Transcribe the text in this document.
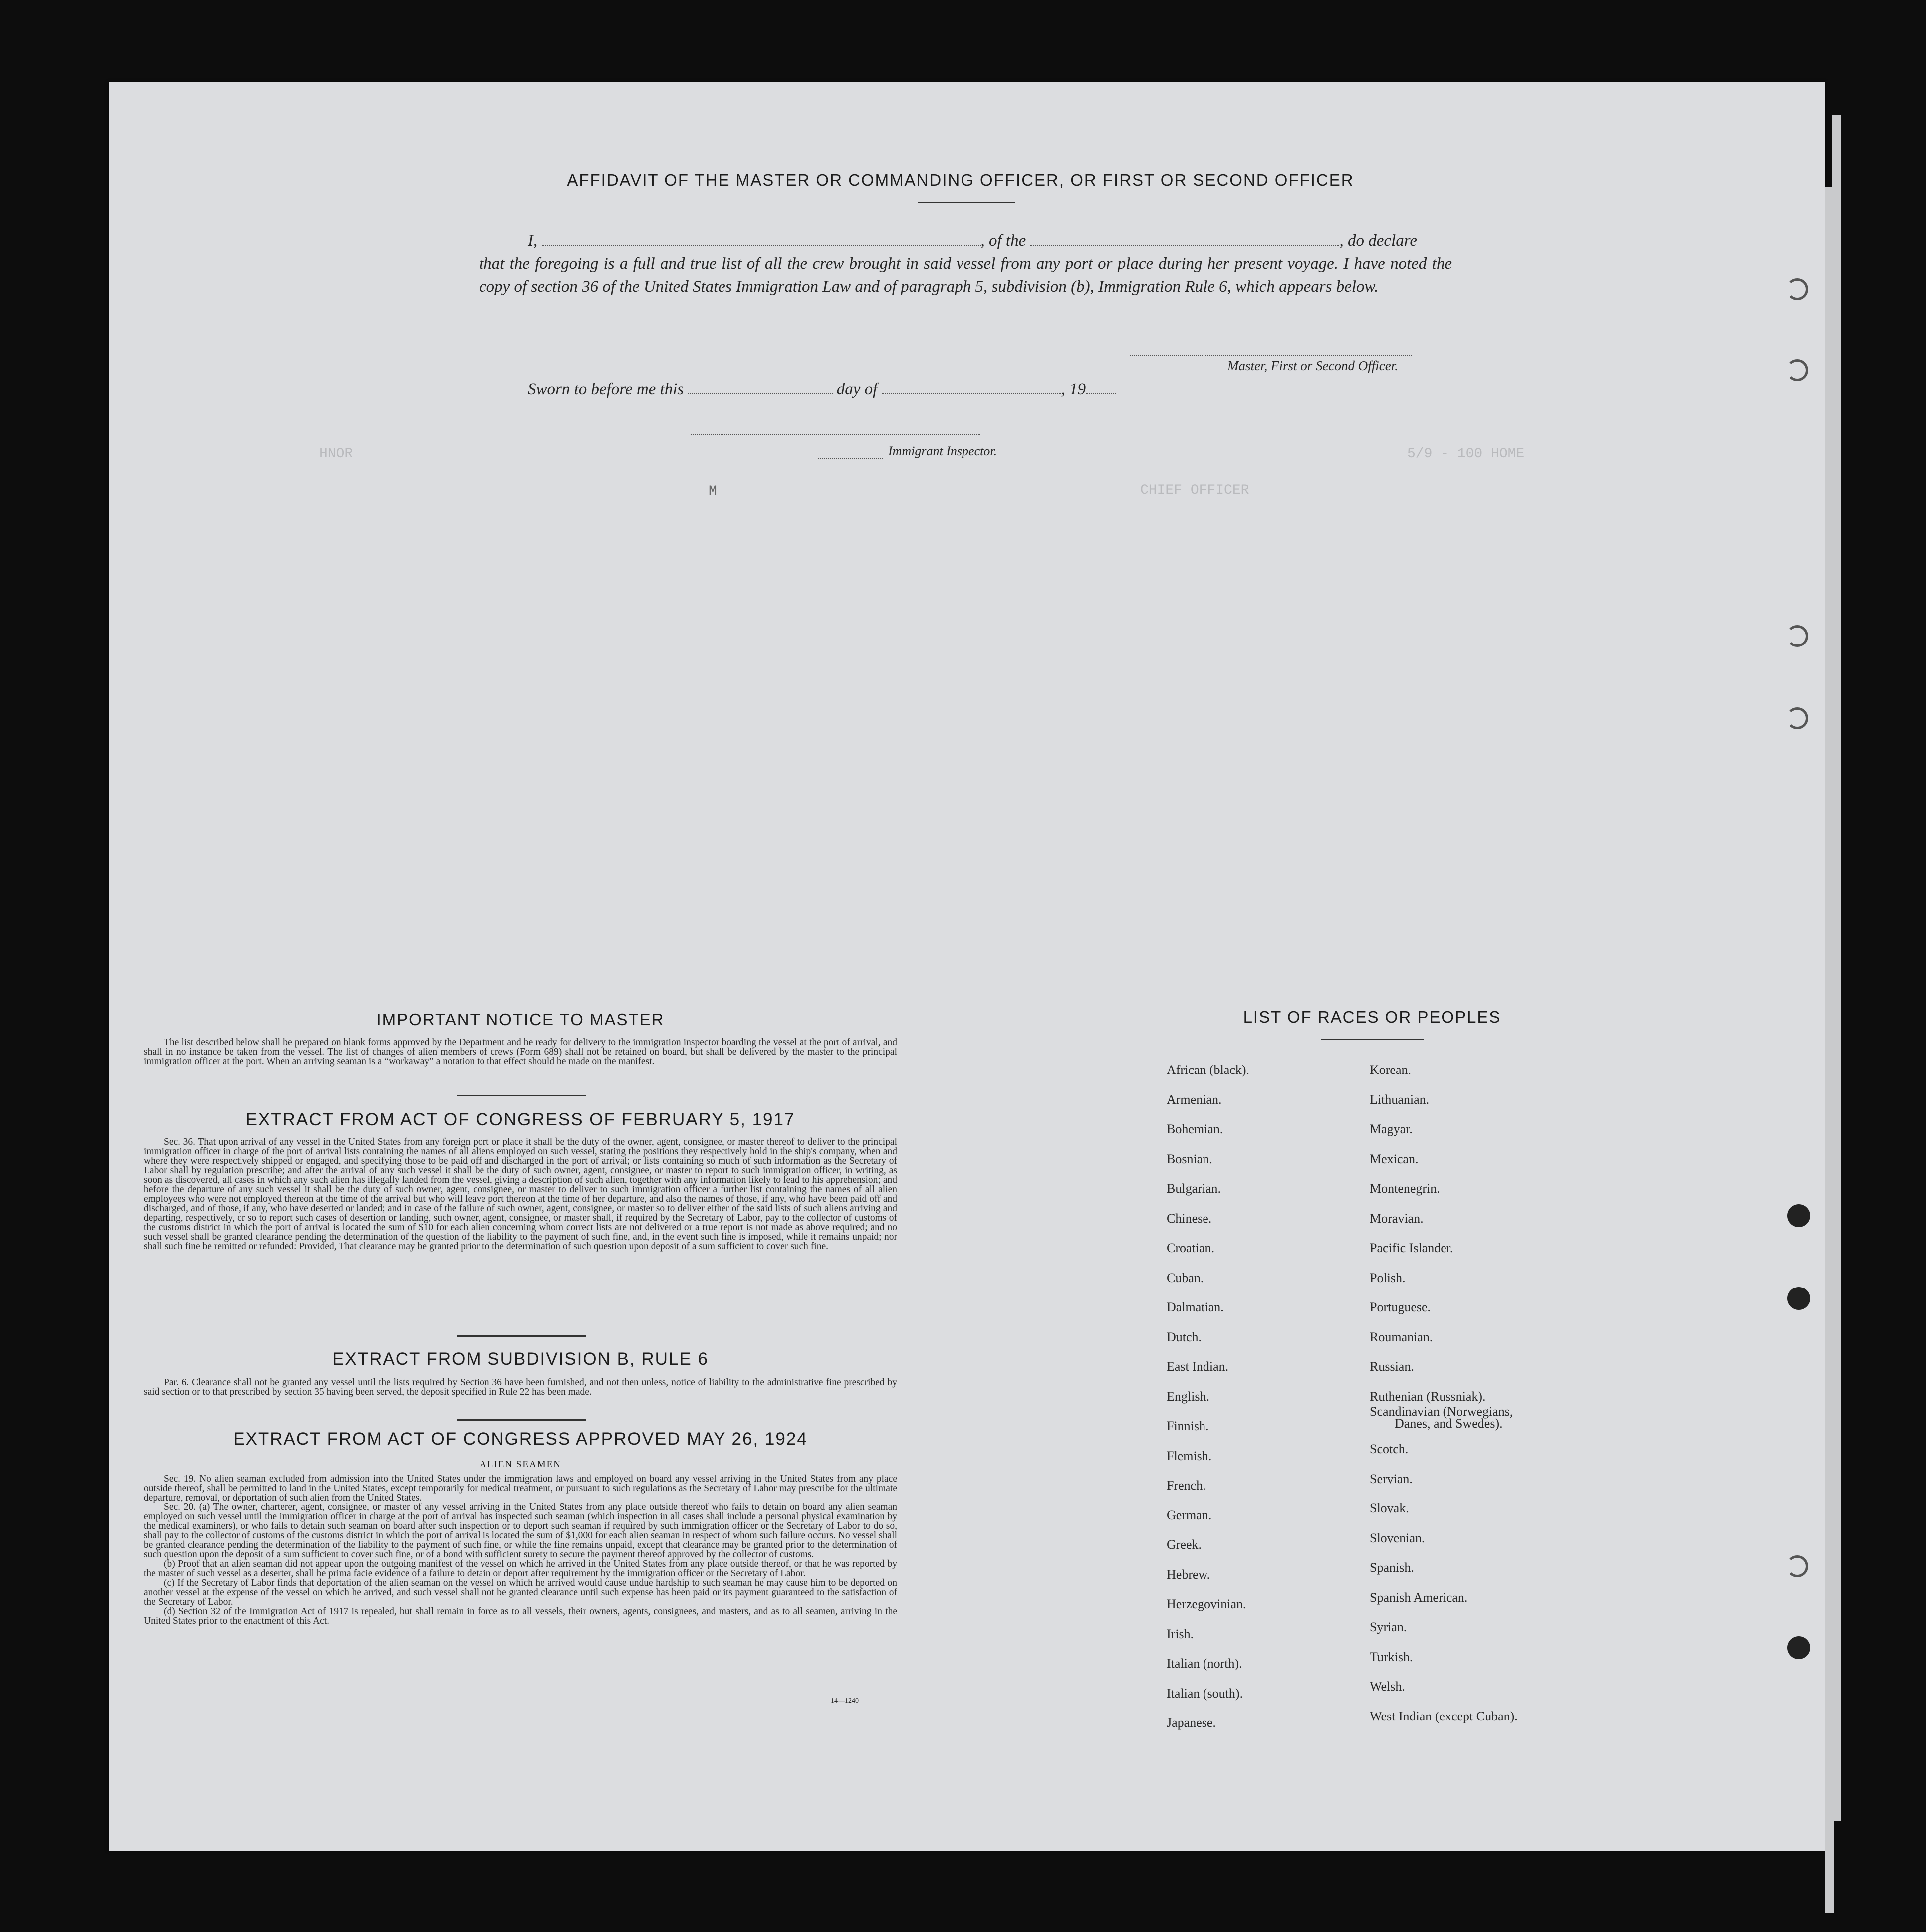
AFFIDAVIT OF THE MASTER OR COMMANDING OFFICER, OR FIRST OR SECOND OFFICER
I,	, of the	, do declare
that the foregoing is a full and true list of all the crew brought in said vessel from any port or place during her present voyage. I have noted the copy of section 36 of the United States Immigration Law and of paragraph 5, subdivision (b), Immigration Rule 6, which appears below.
Master, First or Second Officer.
Sworn to before me this	day of	, 19
Immigrant Inspector.
HNOR	5/9 - 100 HOME
CHIEF OFFICER
M
IMPORTANT NOTICE TO MASTER

The list described below shall be prepared on blank forms approved by the Department and be ready for delivery to the immigration inspector boarding the vessel at the port of arrival, and shall in no instance be taken from the vessel. The list of changes of alien members of crews (Form 689) shall not be retained on board, but shall be delivered by the master to the principal immigration officer at the port. When an arriving seaman is a “workaway” a notation to that effect should be made on the manifest.

EXTRACT FROM ACT OF CONGRESS OF FEBRUARY 5, 1917

Sec. 36. That upon arrival of any vessel in the United States from any foreign port or place it shall be the duty of the owner, agent, consignee, or master thereof to deliver to the principal immigration officer in charge of the port of arrival lists containing the names of all aliens employed on such vessel, stating the positions they respectively hold in the ship's company, when and where they were respectively shipped or engaged, and specifying those to be paid off and discharged in the port of arrival; or lists containing so much of such information as the Secretary of Labor shall by regulation prescribe; and after the arrival of any such vessel it shall be the duty of such owner, agent, consignee, or master to report to such immigration officer, in writing, as soon as discovered, all cases in which any such alien has illegally landed from the vessel, giving a description of such alien, together with any information likely to lead to his apprehension; and before the departure of any such vessel it shall be the duty of such owner, agent, consignee, or master to deliver to such immigration officer a further list containing the names of all alien employees who were not employed thereon at the time of the arrival but who will leave port thereon at the time of her departure, and also the names of those, if any, who have been paid off and discharged, and of those, if any, who have deserted or landed; and in case of the failure of such owner, agent, consignee, or master so to deliver either of the said lists of such aliens arriving and departing, respectively, or so to report such cases of desertion or landing, such owner, agent, consignee, or master shall, if required by the Secretary of Labor, pay to the collector of customs of the customs district in which the port of arrival is located the sum of $10 for each alien concerning whom correct lists are not delivered or a true report is not made as above required; and no such vessel shall be granted clearance pending the determination of the question of the liability to the payment of such fine, and, in the event such fine is imposed, while it remains unpaid; nor shall such fine be remitted or refunded: Provided, That clearance may be granted prior to the determination of such question upon deposit of a sum sufficient to cover such fine.

EXTRACT FROM SUBDIVISION B, RULE 6

Par. 6. Clearance shall not be granted any vessel until the lists required by Section 36 have been furnished, and not then unless, notice of liability to the administrative fine prescribed by said section or to that prescribed by section 35 having been served, the deposit specified in Rule 22 has been made.

EXTRACT FROM ACT OF CONGRESS APPROVED MAY 26, 1924
ALIEN SEAMEN

Sec. 19. No alien seaman excluded from admission into the United States under the immigration laws and employed on board any vessel arriving in the United States from any place outside thereof, shall be permitted to land in the United States, except temporarily for medical treatment, or pursuant to such regulations as the Secretary of Labor may prescribe for the ultimate departure, removal, or deportation of such alien from the United States.

Sec. 20. (a) The owner, charterer, agent, consignee, or master of any vessel arriving in the United States from any place outside thereof who fails to detain on board any alien seaman employed on such vessel until the immigration officer in charge at the port of arrival has inspected such seaman (which inspection in all cases shall include a personal physical examination by the medical examiners), or who fails to detain such seaman on board after such inspection or to deport such seaman if required by such immigration officer or the Secretary of Labor to do so, shall pay to the collector of customs of the customs district in which the port of arrival is located the sum of $1,000 for each alien seaman in respect of whom such failure occurs. No vessel shall be granted clearance pending the determination of the liability to the payment of such fine, or while the fine remains unpaid, except that clearance may be granted prior to the determination of such question upon the deposit of a sum sufficient to cover such fine, or of a bond with sufficient surety to secure the payment thereof approved by the collector of customs.

(b) Proof that an alien seaman did not appear upon the outgoing manifest of the vessel on which he arrived in the United States from any place outside thereof, or that he was reported by the master of such vessel as a deserter, shall be prima facie evidence of a failure to detain or deport after requirement by the immigration officer or the Secretary of Labor.

(c) If the Secretary of Labor finds that deportation of the alien seaman on the vessel on which he arrived would cause undue hardship to such seaman he may cause him to be deported on another vessel at the expense of the vessel on which he arrived, and such vessel shall not be granted clearance until such expense has been paid or its payment guaranteed to the satisfaction of the Secretary of Labor.

(d) Section 32 of the Immigration Act of 1917 is repealed, but shall remain in force as to all vessels, their owners, agents, consignees, and masters, and as to all seamen, arriving in the United States prior to the enactment of this Act.

14—1240
LIST OF RACES OR PEOPLES
African (black).
Armenian.
Bohemian.
Bosnian.
Bulgarian.
Chinese.
Croatian.
Cuban.
Dalmatian.
Dutch.
East Indian.
English.
Finnish.
Flemish.
French.
German.
Greek.
Hebrew.
Herzegovinian.
Irish.
Italian (north).
Italian (south).
Japanese.
Korean.
Lithuanian.
Magyar.
Mexican.
Montenegrin.
Moravian.
Pacific Islander.
Polish.
Portuguese.
Roumanian.
Russian.
Ruthenian (Russniak).
Scandinavian (Norwegians,
Danes, and Swedes).
Scotch.
Servian.
Slovak.
Slovenian.
Spanish.
Spanish American.
Syrian.
Turkish.
Welsh.
West Indian (except Cuban).
